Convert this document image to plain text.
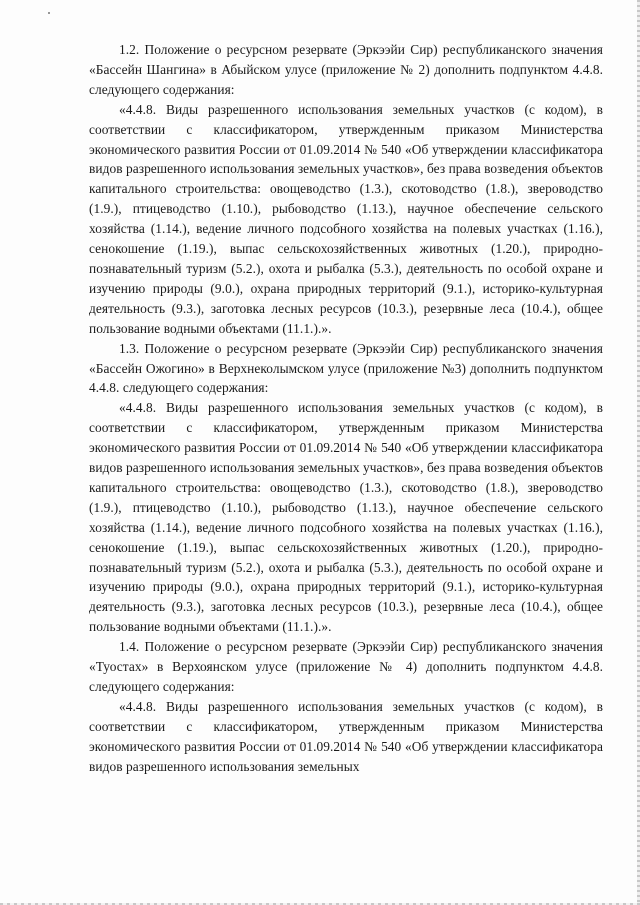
1.2. Положение о ресурсном резервате (Эркээйи Сир) республиканского значения «Бассейн Шангина» в Абыйском улусе (приложение № 2) дополнить подпунктом 4.4.8. следующего содержания:

«4.4.8. Виды разрешенного использования земельных участков (с кодом), в соответствии с классификатором, утвержденным приказом Министерства экономического развития России от 01.09.2014 № 540 «Об утверждении классификатора видов разрешенного использования земельных участков», без права возведения объектов капитального строительства: овощеводство (1.3.), скотоводство (1.8.), звероводство (1.9.), птицеводство (1.10.), рыбоводство (1.13.), научное обеспечение сельского хозяйства (1.14.), ведение личного подсобного хозяйства на полевых участках (1.16.), сенокошение (1.19.), выпас сельскохозяйственных животных (1.20.), природно-познавательный туризм (5.2.), охота и рыбалка (5.3.), деятельность по особой охране и изучению природы (9.0.), охрана природных территорий (9.1.), историко-культурная деятельность (9.3.), заготовка лесных ресурсов (10.3.), резервные леса (10.4.), общее пользование водными объектами (11.1.).».

1.3. Положение о ресурсном резервате (Эркээйи Сир) республиканского значения «Бассейн Ожогино» в Верхнеколымском улусе (приложение №3) дополнить подпунктом 4.4.8. следующего содержания:

«4.4.8. Виды разрешенного использования земельных участков (с кодом), в соответствии с классификатором, утвержденным приказом Министерства экономического развития России от 01.09.2014 № 540 «Об утверждении классификатора видов разрешенного использования земельных участков», без права возведения объектов капитального строительства: овощеводство (1.3.), скотоводство (1.8.), звероводство (1.9.), птицеводство (1.10.), рыбоводство (1.13.), научное обеспечение сельского хозяйства (1.14.), ведение личного подсобного хозяйства на полевых участках (1.16.), сенокошение (1.19.), выпас сельскохозяйственных животных (1.20.), природно-познавательный туризм (5.2.), охота и рыбалка (5.3.), деятельность по особой охране и изучению природы (9.0.), охрана природных территорий (9.1.), историко-культурная деятельность (9.3.), заготовка лесных ресурсов (10.3.), резервные леса (10.4.), общее пользование водными объектами (11.1.).».

1.4. Положение о ресурсном резервате (Эркээйи Сир) республиканского значения «Туостах» в Верхоянском улусе (приложение № 4) дополнить подпунктом 4.4.8. следующего содержания:

«4.4.8. Виды разрешенного использования земельных участков (с кодом), в соответствии с классификатором, утвержденным приказом Министерства экономического развития России от 01.09.2014 № 540 «Об утверждении классификатора видов разрешенного использования земельных
